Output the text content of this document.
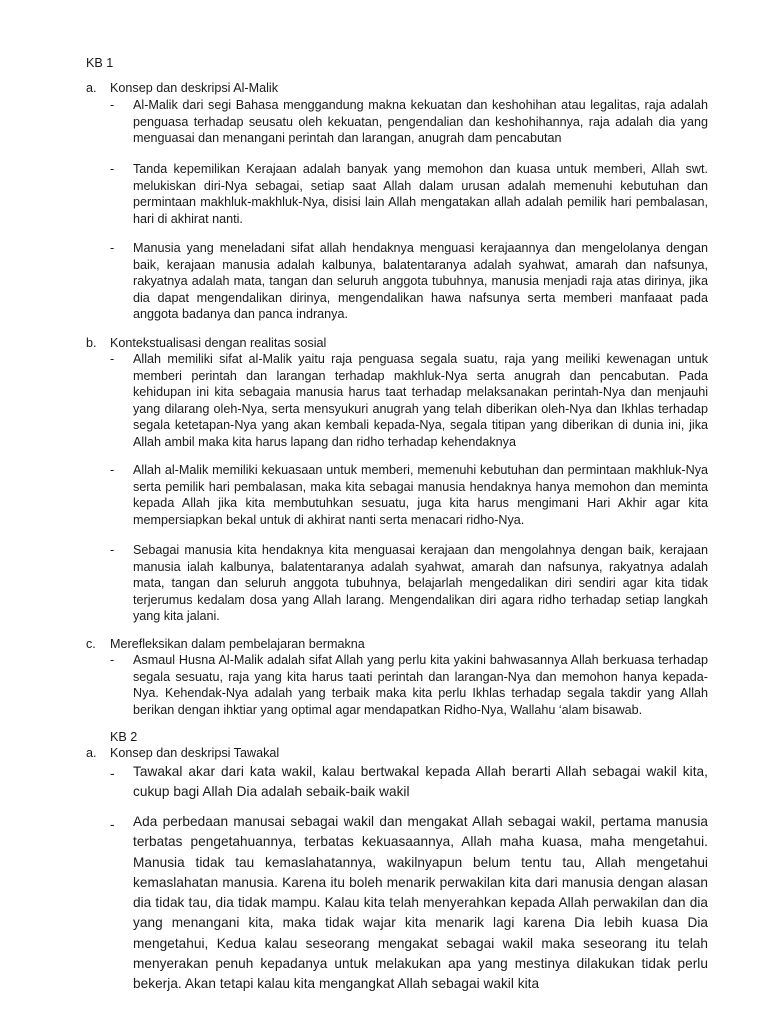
KB 1
a. Konsep dan deskripsi Al-Malik
- Al-Malik dari segi Bahasa menggandung makna kekuatan dan keshohihan atau legalitas, raja adalah penguasa terhadap seusatu oleh kekuatan, pengendalian dan keshohihannya, raja adalah dia yang menguasai dan menangani perintah dan larangan, anugrah dam pencabutan
- Tanda kepemilikan Kerajaan adalah banyak yang memohon dan kuasa untuk memberi, Allah swt. melukiskan diri-Nya sebagai, setiap saat Allah dalam urusan adalah memenuhi kebutuhan dan permintaan makhluk-makhluk-Nya, disisi lain Allah mengatakan allah adalah pemilik hari pembalasan, hari di akhirat nanti.
- Manusia yang meneladani sifat allah hendaknya menguasi kerajaannya dan mengelolanya dengan baik, kerajaan manusia adalah kalbunya, balatentaranya adalah syahwat, amarah dan nafsunya, rakyatnya adalah mata, tangan dan seluruh anggota tubuhnya, manusia menjadi raja atas dirinya, jika dia dapat mengendalikan dirinya, mengendalikan hawa nafsunya serta memberi manfaaat pada anggota badanya dan panca indranya.
b. Kontekstualisasi dengan realitas sosial
- Allah memiliki sifat al-Malik yaitu raja penguasa segala suatu, raja yang meiliki kewenagan untuk memberi perintah dan larangan terhadap makhluk-Nya serta anugrah dan pencabutan. Pada kehidupan ini kita sebagaia manusia harus taat terhadap melaksanakan perintah-Nya dan menjauhi yang dilarang oleh-Nya, serta mensyukuri anugrah yang telah diberikan oleh-Nya dan Ikhlas terhadap segala ketetapan-Nya yang akan kembali kepada-Nya, segala titipan yang diberikan di dunia ini, jika Allah ambil maka kita harus lapang dan ridho terhadap kehendaknya
- Allah al-Malik memiliki kekuasaan untuk memberi, memenuhi kebutuhan dan permintaan makhluk-Nya serta pemilik hari pembalasan, maka kita sebagai manusia hendaknya hanya memohon dan meminta kepada Allah jika kita membutuhkan sesuatu, juga kita harus mengimani Hari Akhir agar kita mempersiapkan bekal untuk di akhirat nanti serta menacari ridho-Nya.
- Sebagai manusia kita hendaknya kita menguasai kerajaan dan mengolahnya dengan baik, kerajaan manusia ialah kalbunya, balatentaranya adalah syahwat, amarah dan nafsunya, rakyatnya adalah mata, tangan dan seluruh anggota tubuhnya, belajarlah mengedalikan diri sendiri agar kita tidak terjerumus kedalam dosa yang Allah larang. Mengendalikan diri agara ridho terhadap setiap langkah yang kita jalani.
c. Merefleksikan dalam pembelajaran bermakna
- Asmaul Husna Al-Malik adalah sifat Allah yang perlu kita yakini bahwasannya Allah berkuasa terhadap segala sesuatu, raja yang kita harus taati perintah dan larangan-Nya dan memohon hanya kepada-Nya. Kehendak-Nya adalah yang terbaik maka kita perlu Ikhlas terhadap segala takdir yang Allah berikan dengan ihktiar yang optimal agar mendapatkan Ridho-Nya, Wallahu ‘alam bisawab.
KB 2
a. Konsep dan deskripsi Tawakal
- Tawakal akar dari kata wakil, kalau bertwakal kepada Allah berarti Allah sebagai wakil kita, cukup bagi Allah Dia adalah sebaik-baik wakil
- Ada perbedaan manusai sebagai wakil dan mengakat Allah sebagai wakil, pertama manusia terbatas pengetahuannya, terbatas kekuasaannya, Allah maha kuasa, maha mengetahui. Manusia tidak tau kemaslahatannya, wakilnyapun belum tentu tau, Allah mengetahui kemaslahatan manusia. Karena itu boleh menarik perwakilan kita dari manusia dengan alasan dia tidak tau, dia tidak mampu. Kalau kita telah menyerahkan kepada Allah perwakilan dan dia yang menangani kita, maka tidak wajar kita menarik lagi karena Dia lebih kuasa Dia mengetahui, Kedua kalau seseorang mengakat sebagai wakil maka seseorang itu telah menyerakan penuh kepadanya untuk melakukan apa yang mestinya dilakukan tidak perlu bekerja. Akan tetapi kalau kita mengangkat Allah sebagai wakil kita
